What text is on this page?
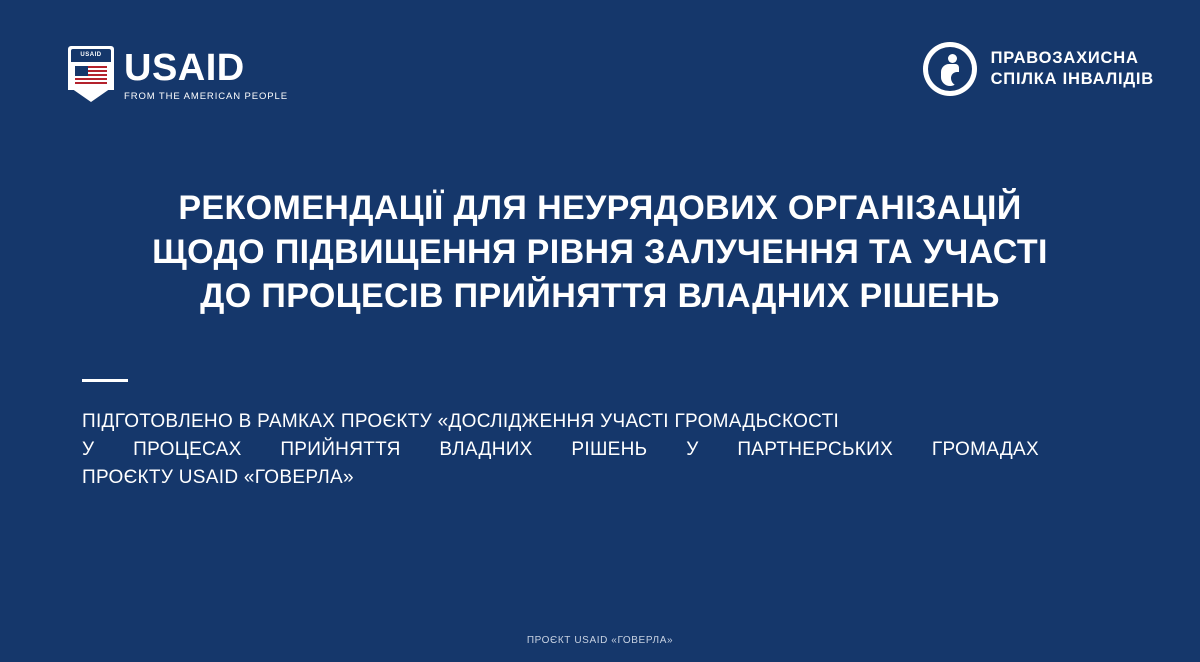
USAID USAID
FROM THE AMERICAN PEOPLE
ПРАВОЗАХИСНА
СПІЛКА ІНВАЛІДІВ
РЕКОМЕНДАЦІЇ ДЛЯ НЕУРЯДОВИХ ОРГАНІЗАЦІЙ
ЩОДО ПІДВИЩЕННЯ РІВНЯ ЗАЛУЧЕННЯ ТА УЧАСТІ
ДО ПРОЦЕСІВ ПРИЙНЯТТЯ ВЛАДНИХ РІШЕНЬ
ПІДГОТОВЛЕНО В РАМКАХ ПРОЄКТУ «ДОСЛІДЖЕННЯ УЧАСТІ ГРОМАДЬСКОСТІ
У ПРОЦЕСАХ ПРИЙНЯТТЯ ВЛАДНИХ РІШЕНЬ У ПАРТНЕРСЬКИХ ГРОМАДАХ
ПРОЄКТУ USAID «ГОВЕРЛА»
ПРОЄКТ USAID «ГОВЕРЛА»
